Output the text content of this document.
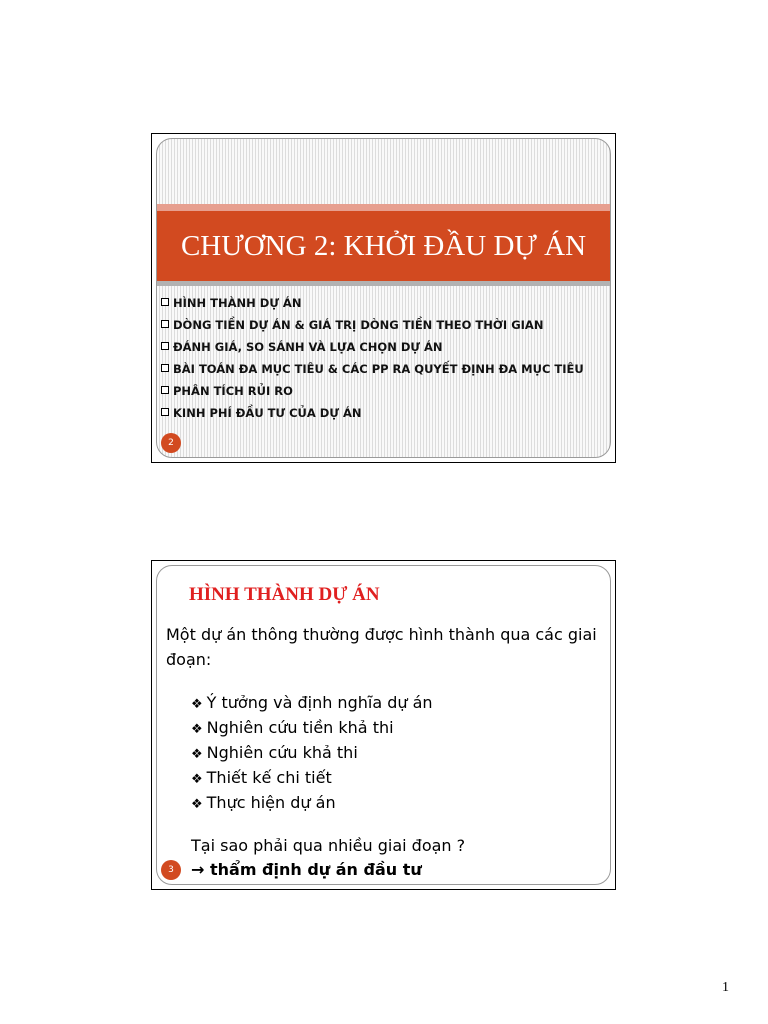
CHƯƠNG 2: KHỞI ĐẦU DỰ ÁN
HÌNH THÀNH DỰ ÁN
DÒNG TIỀN DỰ ÁN & GIÁ TRỊ DÒNG TIỀN THEO THỜI GIAN
ĐÁNH GIÁ, SO SÁNH VÀ LỰA CHỌN DỰ ÁN
BÀI TOÁN ĐA MỤC TIÊU & CÁC PP RA QUYẾT ĐỊNH ĐA MỤC TIÊU
PHÂN TÍCH RỦI RO
KINH PHÍ ĐẦU TƯ CỦA DỰ ÁN
2
HÌNH THÀNH DỰ ÁN
Một dự án thông thường được hình thành qua các giai đoạn:
❖ Ý tưởng và định nghĩa dự án
❖ Nghiên cứu tiền khả thi
❖ Nghiên cứu khả thi
❖ Thiết kế chi tiết
❖ Thực hiện dự án
Tại sao phải qua nhiều giai đoạn ?
→ thẩm định dự án đầu tư
3
1
